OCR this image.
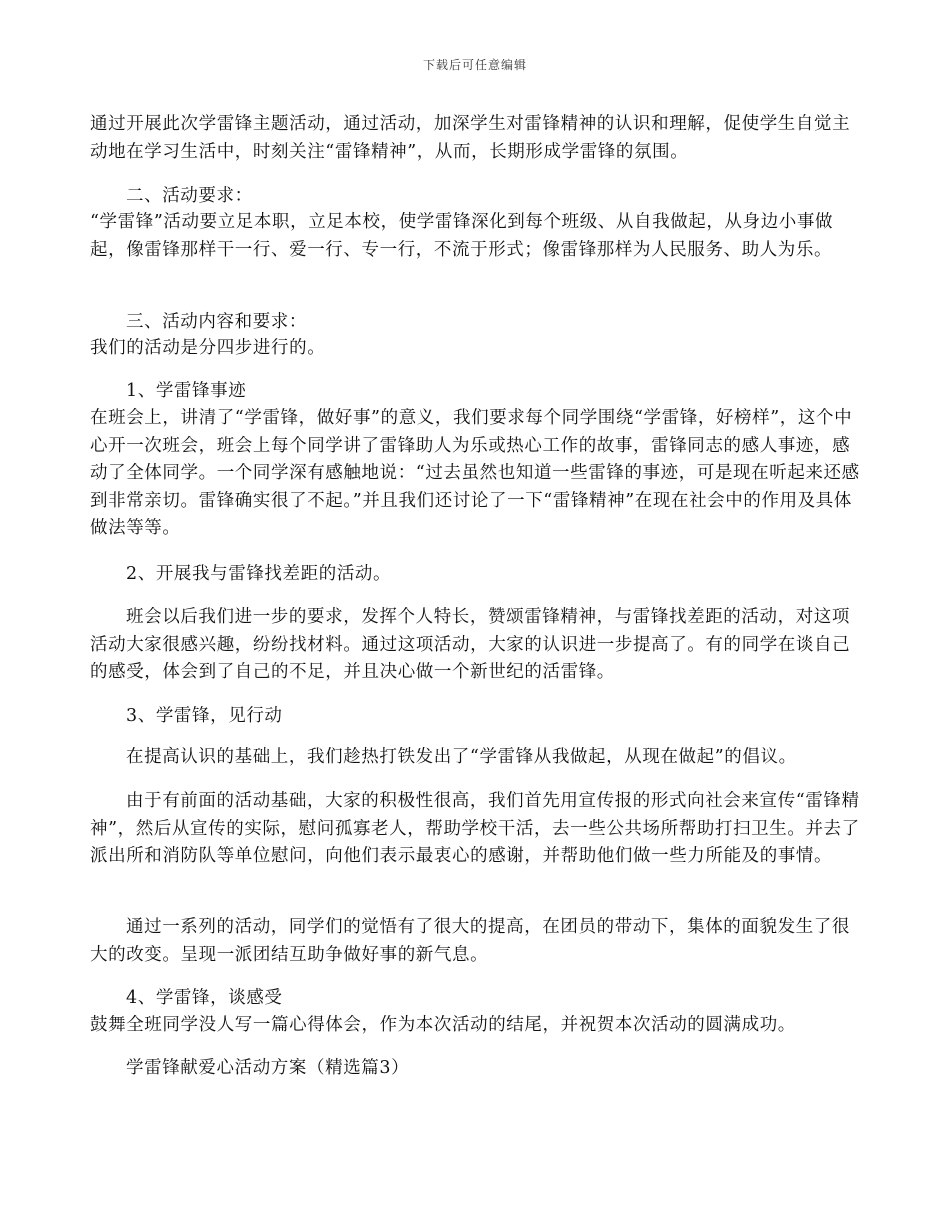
下载后可任意编辑

通过开展此次学雷锋主题活动，通过活动，加深学生对雷锋精神的认识和理解，促使学生自觉主动地在学习生活中，时刻关注“雷锋精神”，从而，长期形成学雷锋的氛围。

二、活动要求：

“学雷锋”活动要立足本职，立足本校，使学雷锋深化到每个班级、从自我做起，从身边小事做起，像雷锋那样干一行、爱一行、专一行，不流于形式；像雷锋那样为人民服务、助人为乐。

三、活动内容和要求：

我们的活动是分四步进行的。

1、学雷锋事迹

在班会上，讲清了“学雷锋，做好事”的意义，我们要求每个同学围绕“学雷锋，好榜样”，这个中心开一次班会，班会上每个同学讲了雷锋助人为乐或热心工作的故事，雷锋同志的感人事迹，感动了全体同学。一个同学深有感触地说：“过去虽然也知道一些雷锋的事迹，可是现在听起来还感到非常亲切。雷锋确实很了不起。”并且我们还讨论了一下“雷锋精神”在现在社会中的作用及具体做法等等。

2、开展我与雷锋找差距的活动。

班会以后我们进一步的要求，发挥个人特长，赞颂雷锋精神，与雷锋找差距的活动，对这项活动大家很感兴趣，纷纷找材料。通过这项活动，大家的认识进一步提高了。有的同学在谈自己的感受，体会到了自己的不足，并且决心做一个新世纪的活雷锋。

3、学雷锋，见行动

在提高认识的基础上，我们趁热打铁发出了“学雷锋从我做起，从现在做起”的倡议。

由于有前面的活动基础，大家的积极性很高，我们首先用宣传报的形式向社会来宣传“雷锋精神”，然后从宣传的实际，慰问孤寡老人，帮助学校干活，去一些公共场所帮助打扫卫生。并去了派出所和消防队等单位慰问，向他们表示最衷心的感谢，并帮助他们做一些力所能及的事情。

通过一系列的活动，同学们的觉悟有了很大的提高，在团员的带动下，集体的面貌发生了很大的改变。呈现一派团结互助争做好事的新气息。

4、学雷锋，谈感受

鼓舞全班同学没人写一篇心得体会，作为本次活动的结尾，并祝贺本次活动的圆满成功。

学雷锋献爱心活动方案（精选篇3）
